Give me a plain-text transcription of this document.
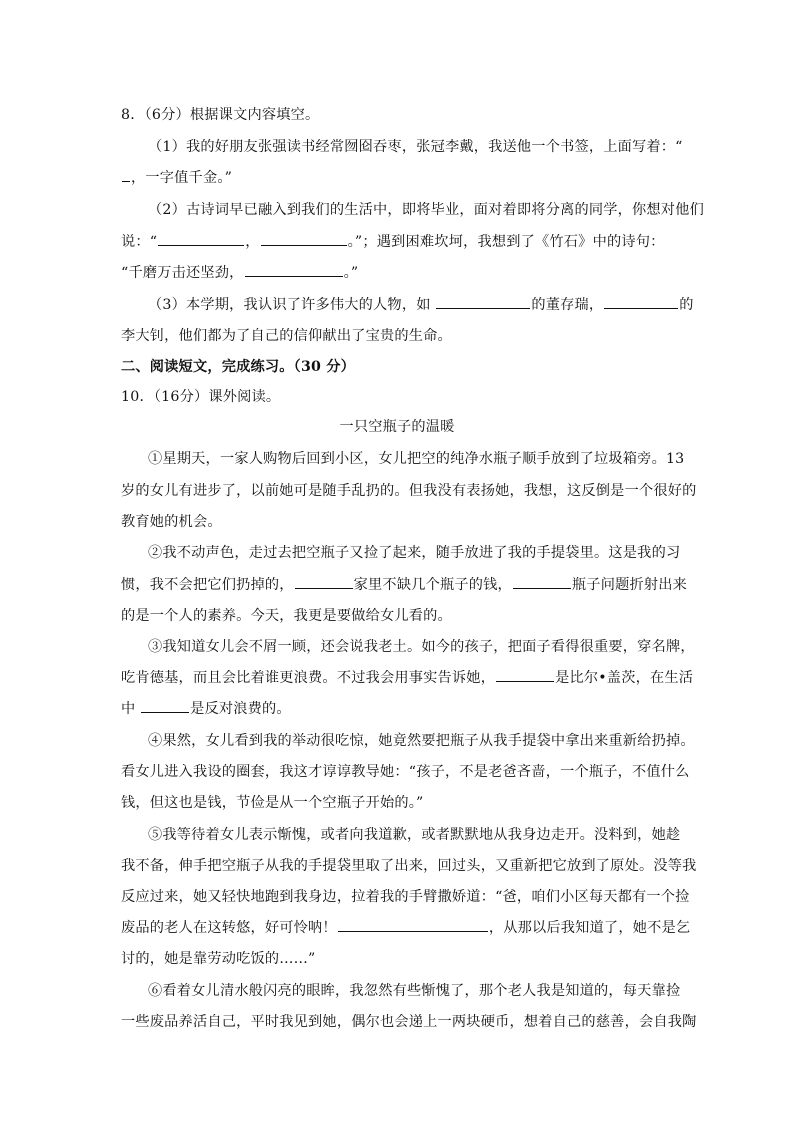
8．（6分）根据课文内容填空。
（1）我的好朋友张强读书经常囫囵吞枣，张冠李戴，我送他一个书签，上面写着：“
，一字值千金。”
（2）古诗词早已融入到我们的生活中，即将毕业，面对着即将分离的同学，你想对他们
说：“	，	。”；遇到困难坎坷，我想到了《竹石》中的诗句：
“千磨万击还坚劲，	。”
（3）本学期，我认识了许多伟大的人物，如	的董存瑞，	的
李大钊，他们都为了自己的信仰献出了宝贵的生命。
二、阅读短文，完成练习。（30 分）
10．（16分）课外阅读。
一只空瓶子的温暖
①星期天，一家人购物后回到小区，女儿把空的纯净水瓶子顺手放到了垃圾箱旁。13
岁的女儿有进步了，以前她可是随手乱扔的。但我没有表扬她，我想，这反倒是一个很好的
教育她的机会。
②我不动声色，走过去把空瓶子又捡了起来，随手放进了我的手提袋里。这是我的习
惯，我不会把它们扔掉的，	家里不缺几个瓶子的钱，	瓶子问题折射出来
的是一个人的素养。今天，我更是要做给女儿看的。
③我知道女儿会不屑一顾，还会说我老土。如今的孩子，把面子看得很重要，穿名牌，
吃肯德基，而且会比着谁更浪费。不过我会用事实告诉她，	是比尔•盖茨，在生活
中	是反对浪费的。
④果然，女儿看到我的举动很吃惊，她竟然要把瓶子从我手提袋中拿出来重新给扔掉。
看女儿进入我设的圈套，我这才谆谆教导她：“孩子，不是老爸吝啬，一个瓶子，不值什么
钱，但这也是钱，节俭是从一个空瓶子开始的。”
⑤我等待着女儿表示惭愧，或者向我道歉，或者默默地从我身边走开。没料到，她趁
我不备，伸手把空瓶子从我的手提袋里取了出来，回过头，又重新把它放到了原处。没等我
反应过来，她又轻快地跑到我身边，拉着我的手臂撒娇道：“爸，咱们小区每天都有一个捡
废品的老人在这转悠，好可怜呐！	，从那以后我知道了，她不是乞
讨的，她是靠劳动吃饭的……”
⑥看着女儿清水般闪亮的眼眸，我忽然有些惭愧了，那个老人我是知道的，每天靠捡
一些废品养活自己，平时我见到她，偶尔也会递上一两块硬币，想着自己的慈善，会自我陶
